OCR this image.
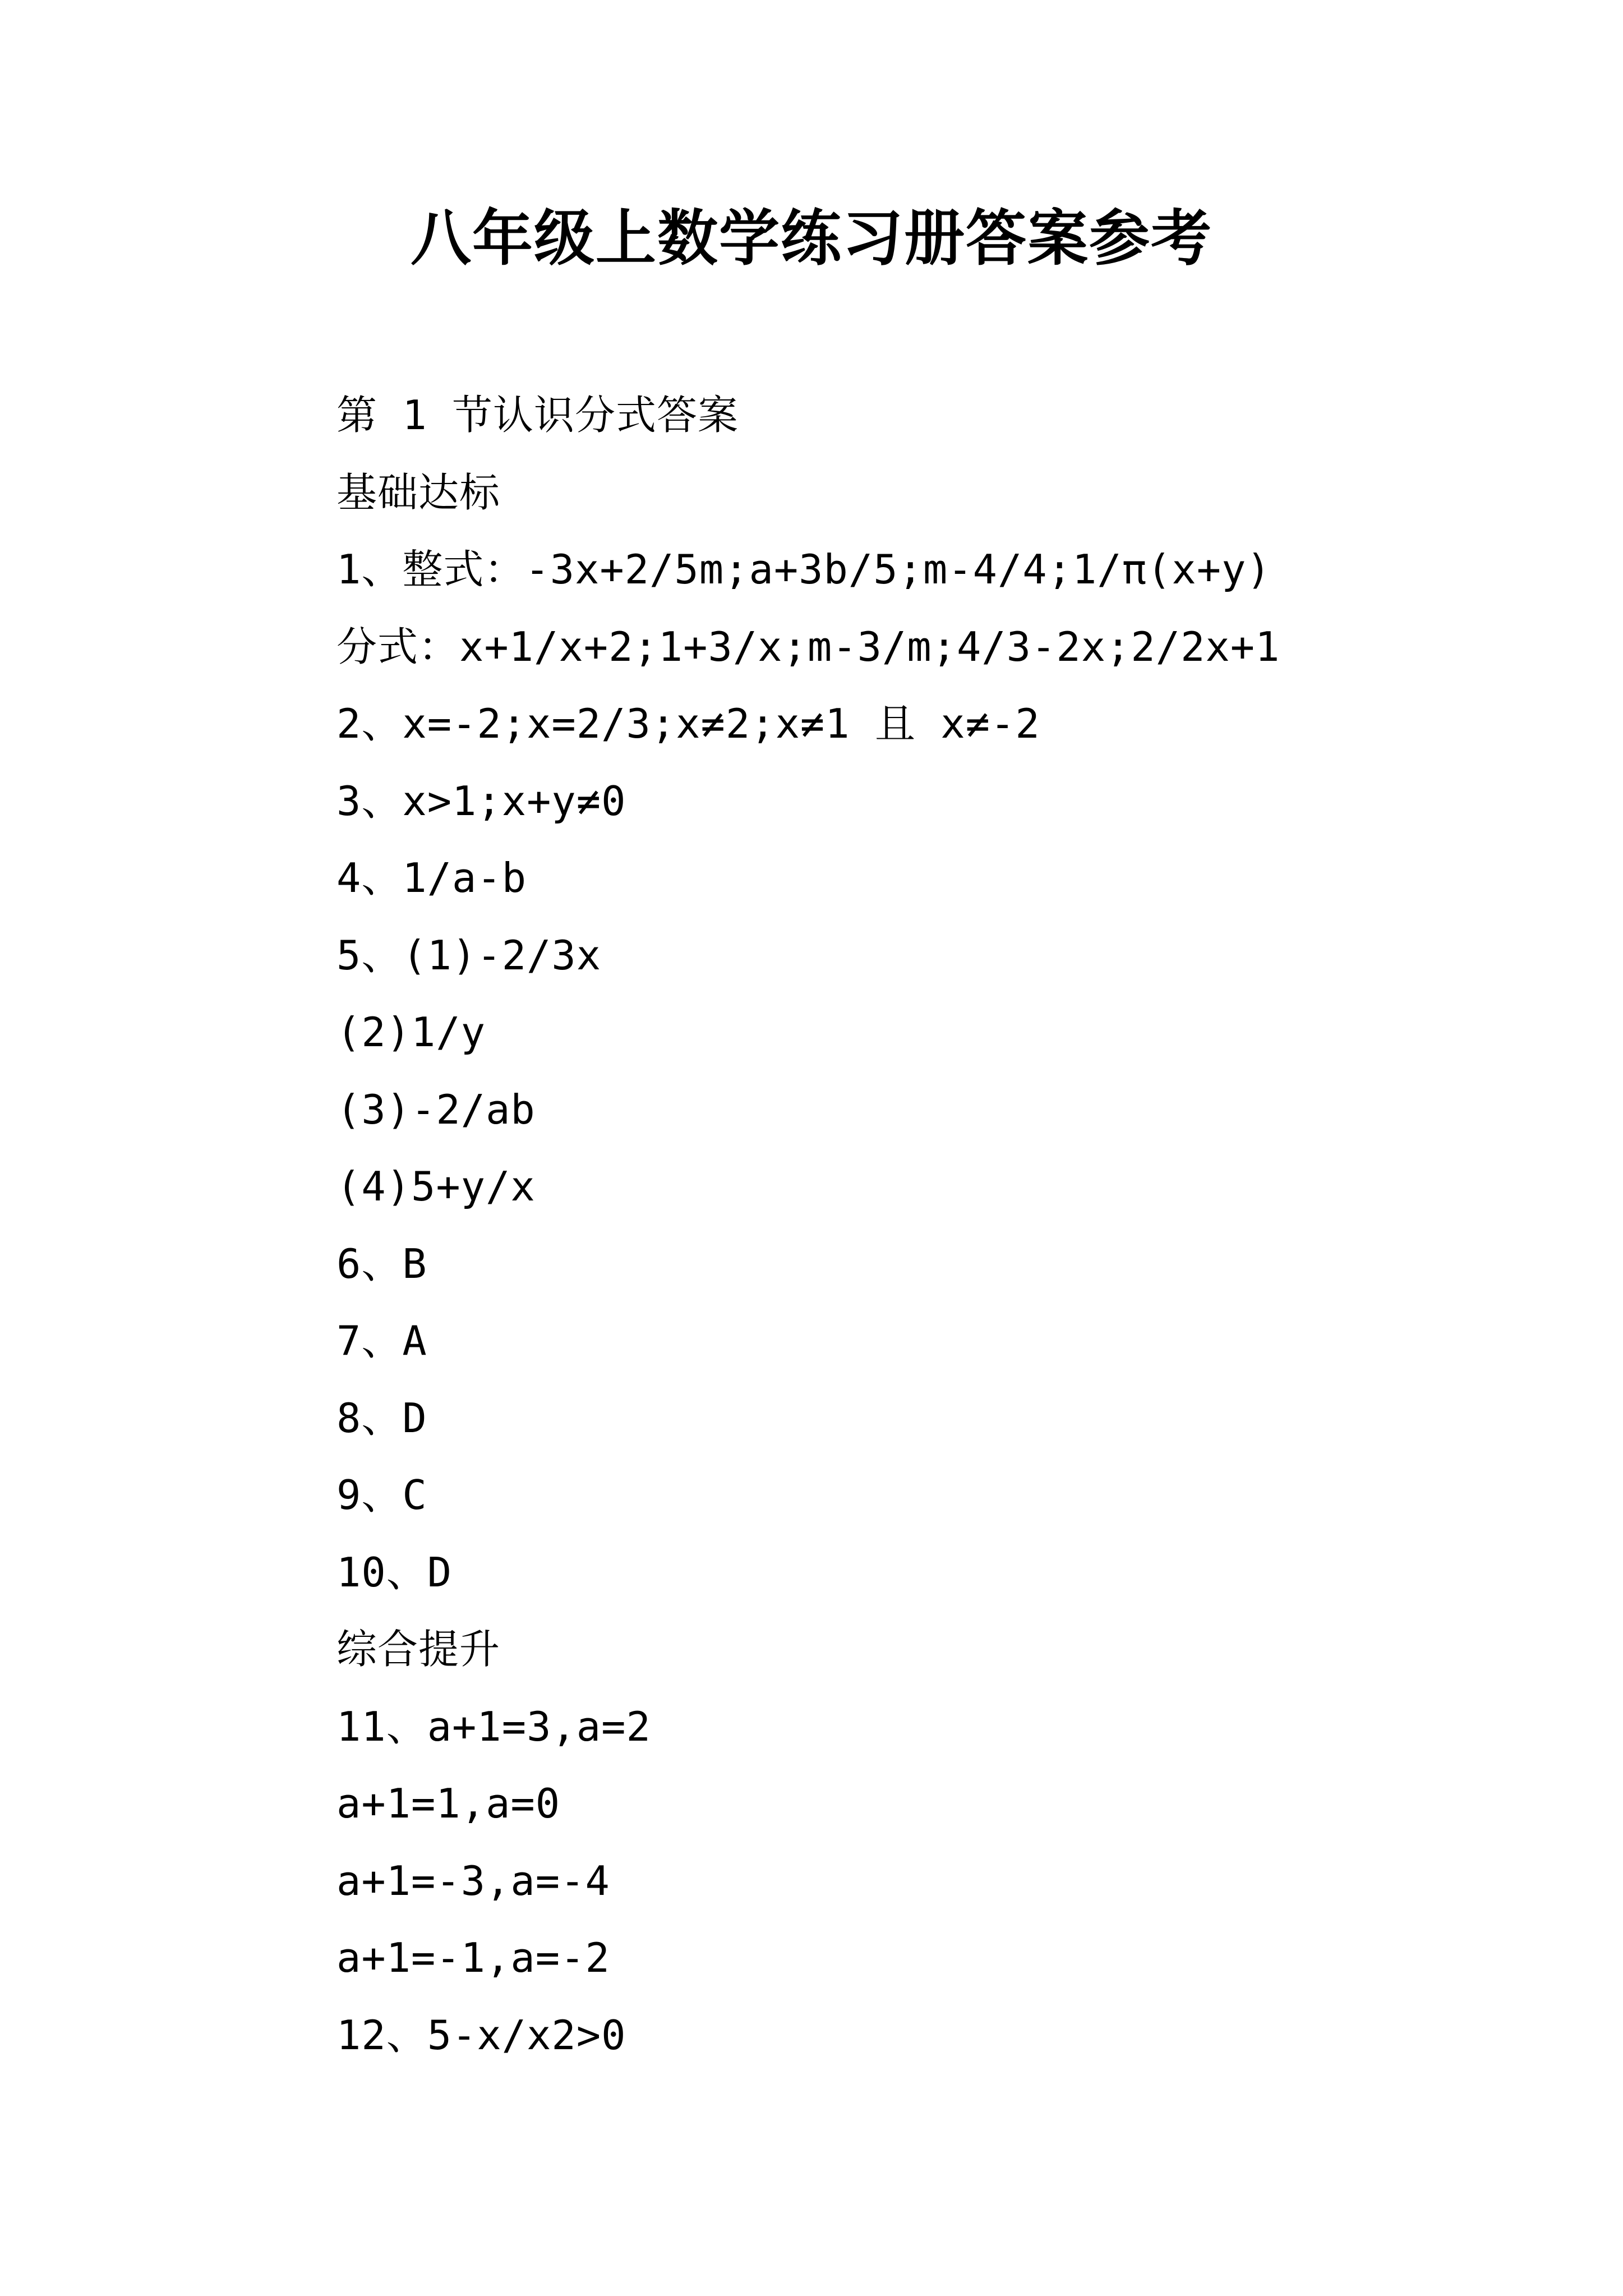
八年级上数学练习册答案参考
第 1 节认识分式答案
基础达标
1、整式：-3x+2/5m;a+3b/5;m-4/4;1/π(x+y)
分式：x+1/x+2;1+3/x;m-3/m;4/3-2x;2/2x+1
2、x=-2;x=2/3;x≠2;x≠1 且 x≠-2
3、x>1;x+y≠0
4、1/a-b
5、(1)-2/3x
(2)1/y
(3)-2/ab
(4)5+y/x
6、B
7、A
8、D
9、C
10、D
综合提升
11、a+1=3,a=2
a+1=1,a=0
a+1=-3,a=-4
a+1=-1,a=-2
12、5-x/x2>0
